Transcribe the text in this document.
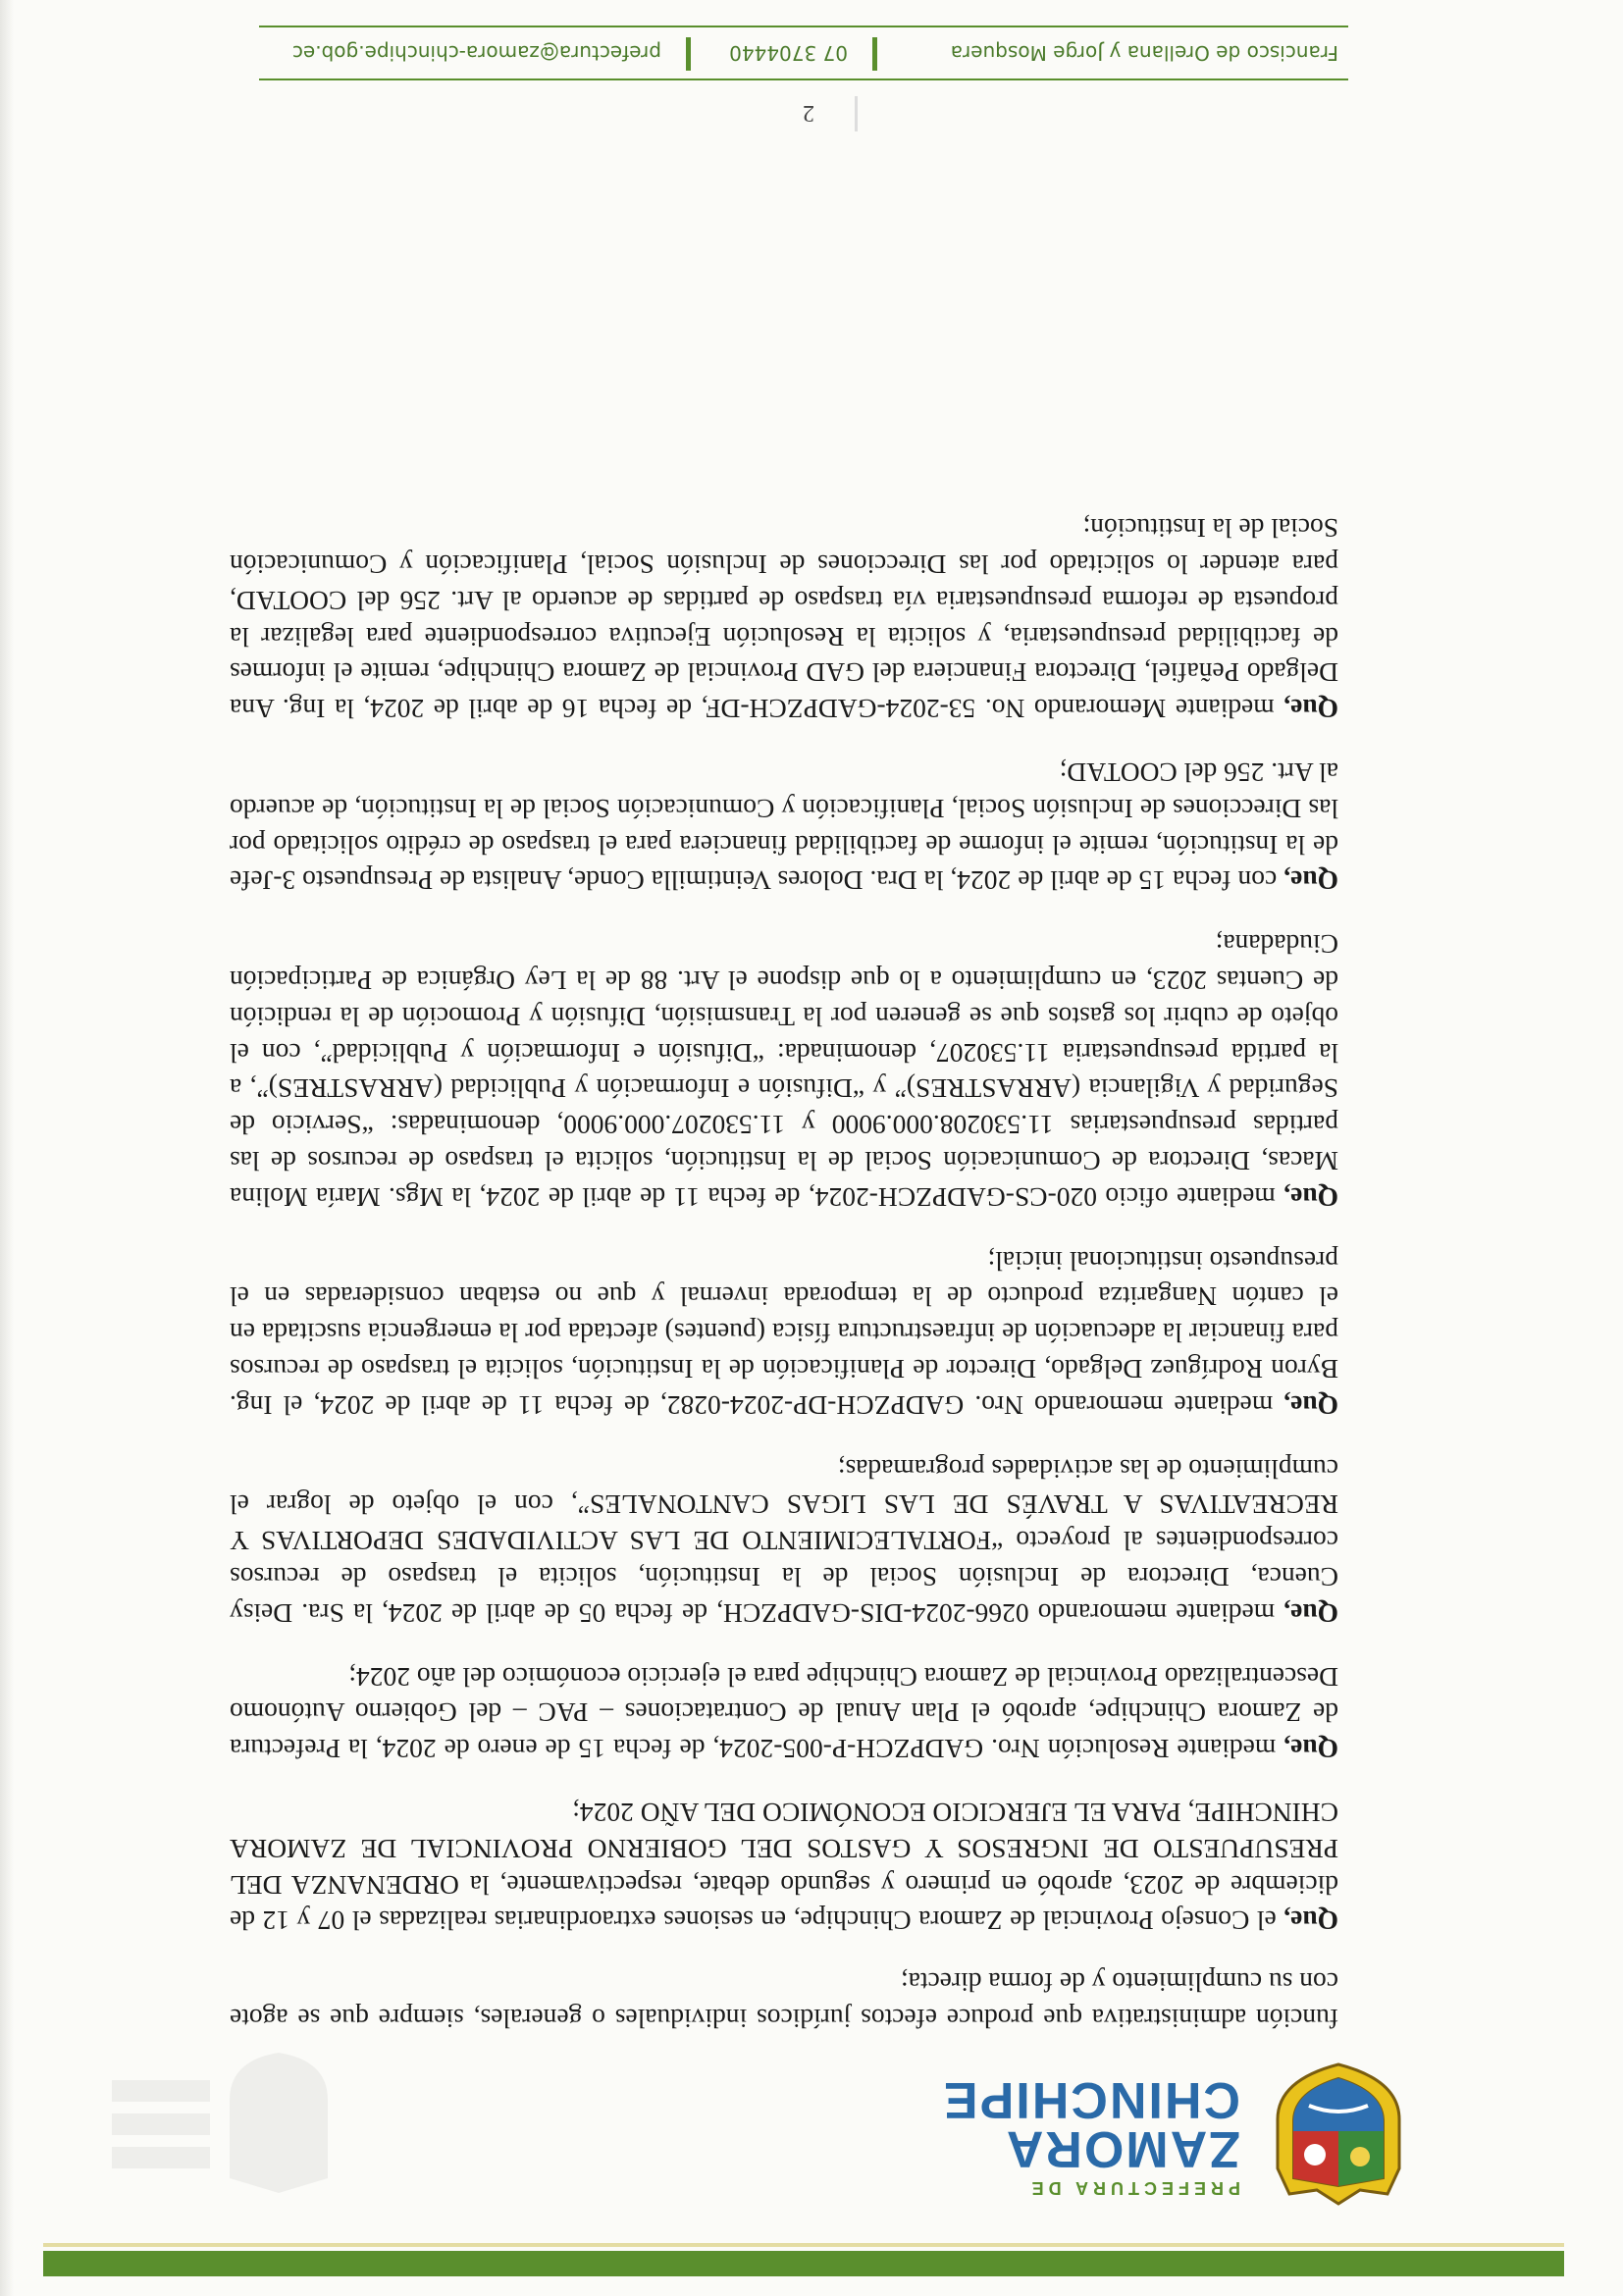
PREFECTURA DE
ZAMORA
CHINCHIPE

función administrativa que produce efectos jurídicos individuales o generales, siempre que se agote con su cumplimiento y de forma directa;

Que, el Consejo Provincial de Zamora Chinchipe, en sesiones extraordinarias realizadas el 07 y 12 de diciembre de 2023, aprobó en primero y segundo debate, respectivamente, la ORDENANZA DEL PRESUPUESTO DE INGRESOS Y GASTOS DEL GOBIERNO PROVINCIAL DE ZAMORA CHINCHIPE, PARA EL EJERCICIO ECONÓMICO DEL AÑO 2024;

Que, mediante Resolución Nro. GADPZCH-P-005-2024, de fecha 15 de enero de 2024, la Prefectura de Zamora Chinchipe, aprobó el Plan Anual de Contrataciones – PAC – del Gobierno Autónomo Descentralizado Provincial de Zamora Chinchipe para el ejercicio económico del año 2024;

Que, mediante memorando 0266-2024-DIS-GADPZCH, de fecha 05 de abril de 2024, la Sra. Deisy Cuenca, Directora de Inclusión Social de la Institución, solicita el traspaso de recursos correspondientes al proyecto “FORTALECIMIENTO DE LAS ACTIVIDADES DEPORTIVAS Y RECREATIVAS A TRAVÉS DE LAS LIGAS CANTONALES”, con el objeto de lograr el cumplimiento de las actividades programadas;

Que, mediante memorando Nro. GADPZCH-DP-2024-0282, de fecha 11 de abril de 2024, el Ing. Byron Rodríguez Delgado, Director de Planificación de la Institución, solicita el traspaso de recursos para financiar la adecuación de infraestructura física (puentes) afectada por la emergencia suscitada en el cantón Nangaritza producto de la temporada invernal y que no estaban consideradas en el presupuesto institucional inicial;

Que, mediante oficio 020-CS-GADPZCH-2024, de fecha 11 de abril de 2024, la Mgs. María Molina Macas, Directora de Comunicación Social de la Institución, solicita el traspaso de recursos de las partidas presupuestarias 11.530208.000.9000 y 11.530207.000.9000, denominadas: “Servicio de Seguridad y Vigilancia (ARRASTRES)” y “Difusión e Información y Publicidad (ARRASTRES)”, a la partida presupuestaria 11.530207, denominada: “Difusión e Información y Publicidad”, con el objeto de cubrir los gastos que se generen por la Transmisión, Difusión y Promoción de la rendición de Cuentas 2023, en cumplimiento a lo que dispone el Art. 88 de la Ley Orgánica de Participación Ciudadana;

Que, con fecha 15 de abril de 2024, la Dra. Dolores Veintimilla Conde, Analista de Presupuesto 3-Jefe de la Institución, remite el informe de factibilidad financiera para el traspaso de crédito solicitado por las Direcciones de Inclusión Social, Planificación y Comunicación Social de la Institución, de acuerdo al Art. 256 del COOTAD;

Que, mediante Memorando No. 53-2024-GADPZCH-DF, de fecha 16 de abril de 2024, la Ing. Ana Delgado Peñafiel, Directora Financiera del GAD Provincial de Zamora Chinchipe, remite el informes de factibilidad presupuestaria, y solicita la Resolución Ejecutiva correspondiente para legalizar la propuesta de reforma presupuestaria vía traspaso de partidas de acuerdo al Art. 256 del COOTAD, para atender lo solicitado por las Direcciones de Inclusión Social, Planificación y Comunicación Social de la Institución;

2
Francisco de Orellana y Jorge Mosquera
07 3704440
prefectura@zamora-chinchipe.gob.ec
